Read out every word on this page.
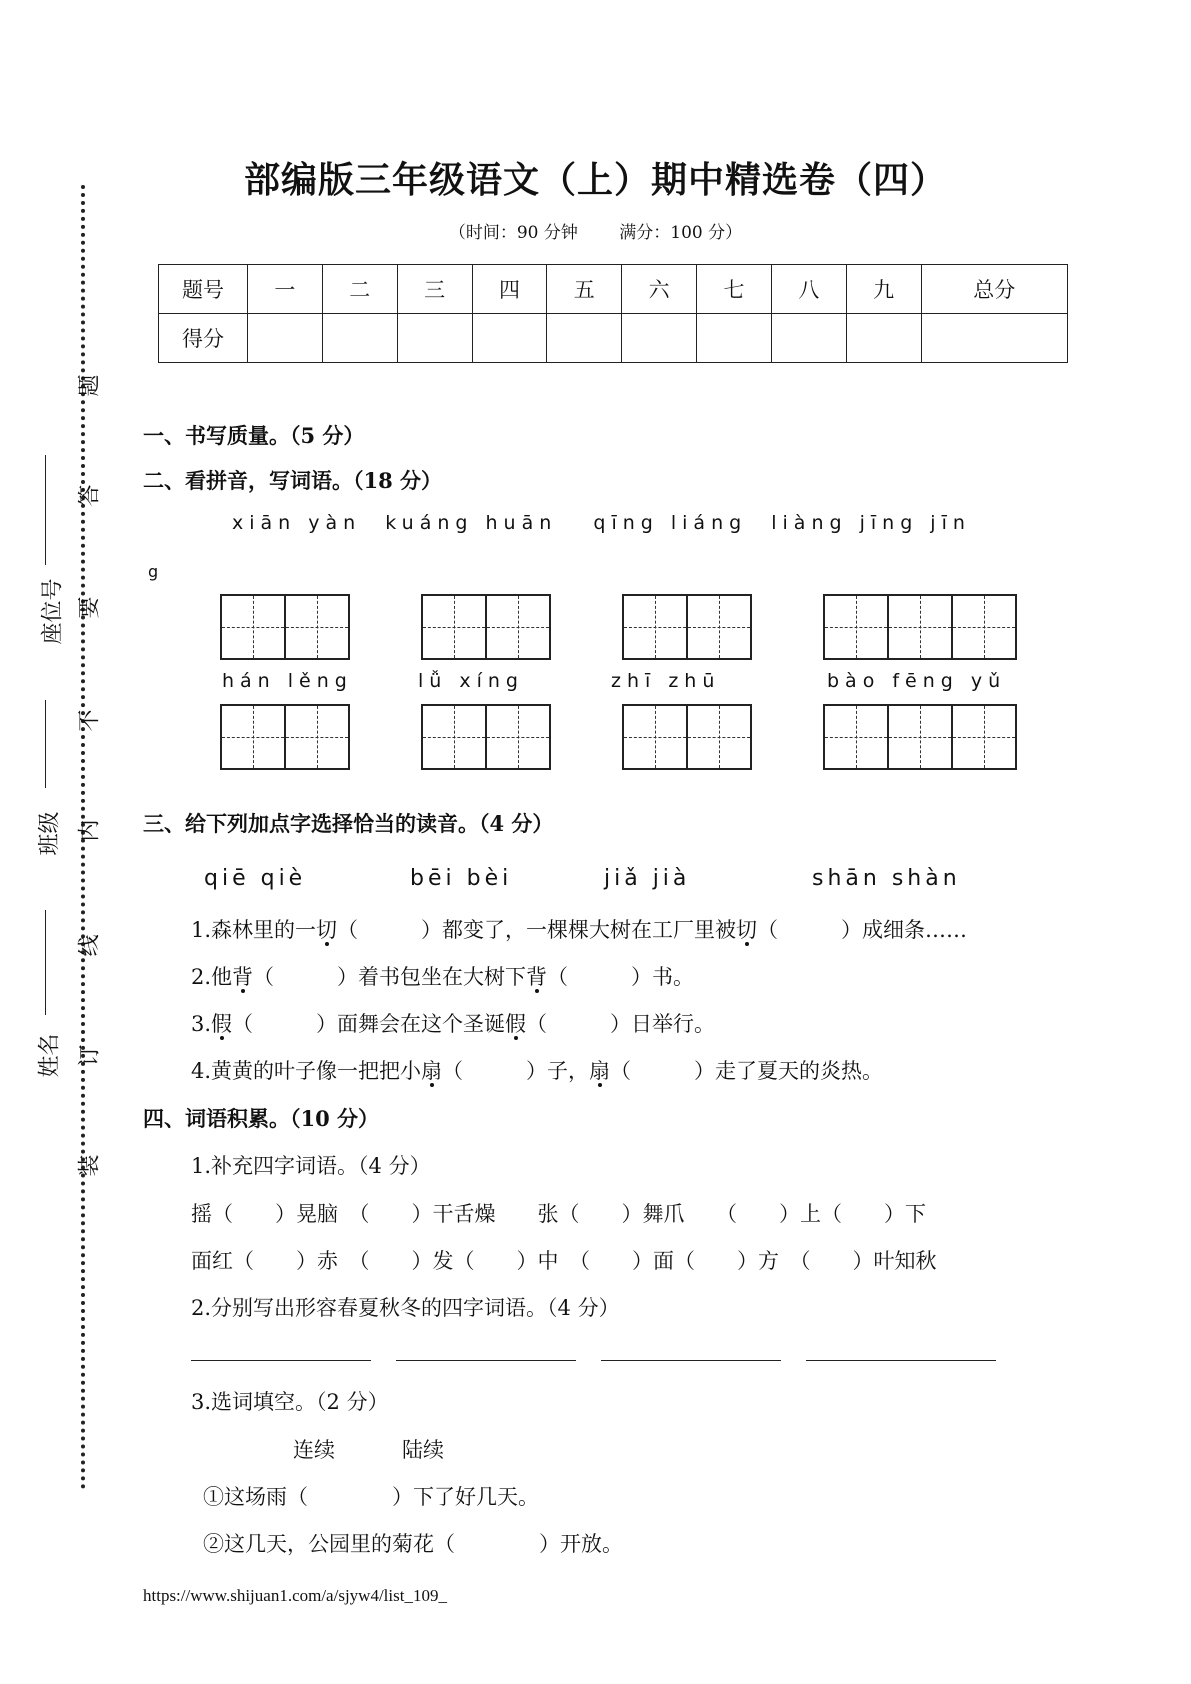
姓名
班级
座位号
装
订
线
内
不
要
答
题
部编版三年级语文（上）期中精选卷（四）
（时间：90 分钟 满分：100 分）
题号	一	二	三	四	五	六	七	八	九	总分
得分										
一、书写质量。（5 分）
二、看拼音，写词语。（18 分）
xiān yàn  kuáng huān   qīng liáng  liàng jīng jīn
g
hán lěng	lǚ xíng	zhī zhū	bào fēng yǔ
三、给下列加点字选择恰当的读音。（4 分）
qiē qiè	bēi bèi	jiǎ jià	shān shàn
1.森林里的一切（　　　）都变了，一棵棵大树在工厂里被切（　　　）成细条……
2.他背（　　　）着书包坐在大树下背（　　　）书。
3.假（　　　）面舞会在这个圣诞假（　　　）日举行。
4.黄黄的叶子像一把把小扇（　　　）子，扇（　　　）走了夏天的炎热。
四、词语积累。（10 分）
1.补充四字词语。（4 分）
摇（　　）晃脑　（　　）干舌燥　　张（　　）舞爪　　（　　）上（　　）下
面红（　　）赤　（　　）发（　　）中　（　　）面（　　）方　（　　）叶知秋
2.分别写出形容春夏秋冬的四字词语。（4 分）
3.选词填空。（2 分）
连续	陆续
①这场雨（　　　　）下了好几天。
②这几天，公园里的菊花（　　　　）开放。
https://www.shijuan1.com/a/sjyw4/list_109_
